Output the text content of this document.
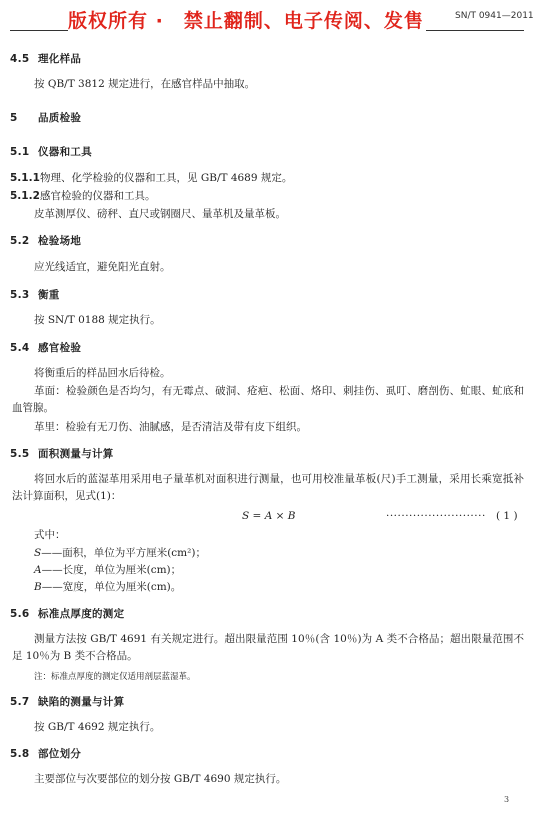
SN/T 0941—2011
版权所有 ·　禁止翻制、电子传阅、发售
4.5 理化样品
按 QB/T 3812 规定进行，在感官样品中抽取。
5 品质检验
5.1 仪器和工具
5.1.1物理、化学检验的仪器和工具，见 GB/T 4689 规定。
5.1.2感官检验的仪器和工具。
皮革测厚仪、磅秤、直尺或钢圈尺、量革机及量革板。
5.2 检验场地
应光线适宜，避免阳光直射。
5.3 衡重
按 SN/T 0188 规定执行。
5.4 感官检验
将衡重后的样品回水后待检。
革面：检验颜色是否均匀，有无霉点、破洞、疮疤、松面、烙印、刺挂伤、虱叮、磨剖伤、虻眼、虻底和血管腺。
革里：检验有无刀伤、油腻感，是否清洁及带有皮下组织。
5.5 面积测量与计算
将回水后的蓝湿革用采用电子量革机对面积进行测量，也可用校准量革板(尺)手工测量，采用长乘宽抵补法计算面积，见式(1)：
S = A × B	·························· ( 1 )
式中：
S——面积，单位为平方厘米(cm²)；
A——长度，单位为厘米(cm)；
B——宽度，单位为厘米(cm)。
5.6 标准点厚度的测定
测量方法按 GB/T 4691 有关规定进行。超出限量范围 10％(含 10％)为 A 类不合格品；超出限量范围不足 10％为 B 类不合格品。
注：标准点厚度的测定仅适用剖层蓝湿革。
5.7 缺陷的测量与计算
按 GB/T 4692 规定执行。
5.8 部位划分
主要部位与次要部位的划分按 GB/T 4690 规定执行。
3
